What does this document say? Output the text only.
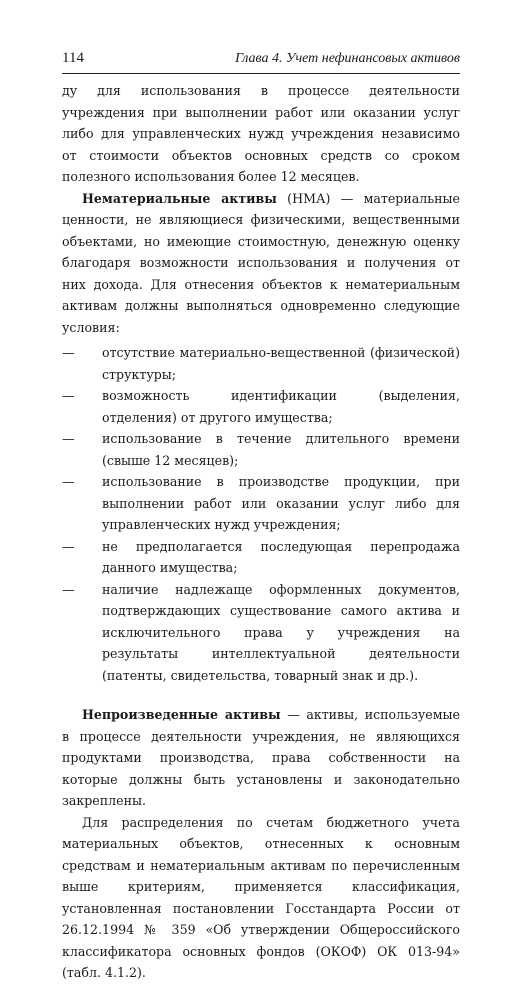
114	Глава 4. Учет нефинансовых активов

ду для использования в процессе деятельности учреждения при выполнении работ или оказании услуг либо для управленческих нужд учреждения независимо от стоимости объектов основных средств со сроком полезного использования более 12 месяцев.

Нематериальные активы (НМА) — материальные ценности, не являющиеся физическими, вещественными объектами, но имеющие стоимостную, денежную оценку благодаря возможности использования и получения от них дохода. Для отнесения объектов к нематериальным активам должны выполняться одновременно следующие условия:

—	отсутствие материально-вещественной (физической) структуры;
—	возможность идентификации (выделения, отделения) от другого имущества;
—	использование в течение длительного времени (свыше 12 месяцев);
—	использование в производстве продукции, при выполнении работ или оказании услуг либо для управленческих нужд учреждения;
—	не предполагается последующая перепродажа данного имущества;
—	наличие надлежаще оформленных документов, подтверждающих существование самого актива и исключительного права у учреждения на результаты интеллектуальной деятельности (патенты, свидетельства, товарный знак и др.).

Непроизведенные активы — активы, используемые в процессе деятельности учреждения, не являющихся продуктами производства, права собственности на которые должны быть установлены и законодательно закреплены.

Для распределения по счетам бюджетного учета материальных объектов, отнесенных к основным средствам и нематериальным активам по перечисленным выше критериям, применяется классификация, установленная постановлении Госстандарта России от 26.12.1994 № 359 «Об утверждении Общероссийского классификатора основных фондов (ОКОФ) ОК 013-94» (табл. 4.1.2).
